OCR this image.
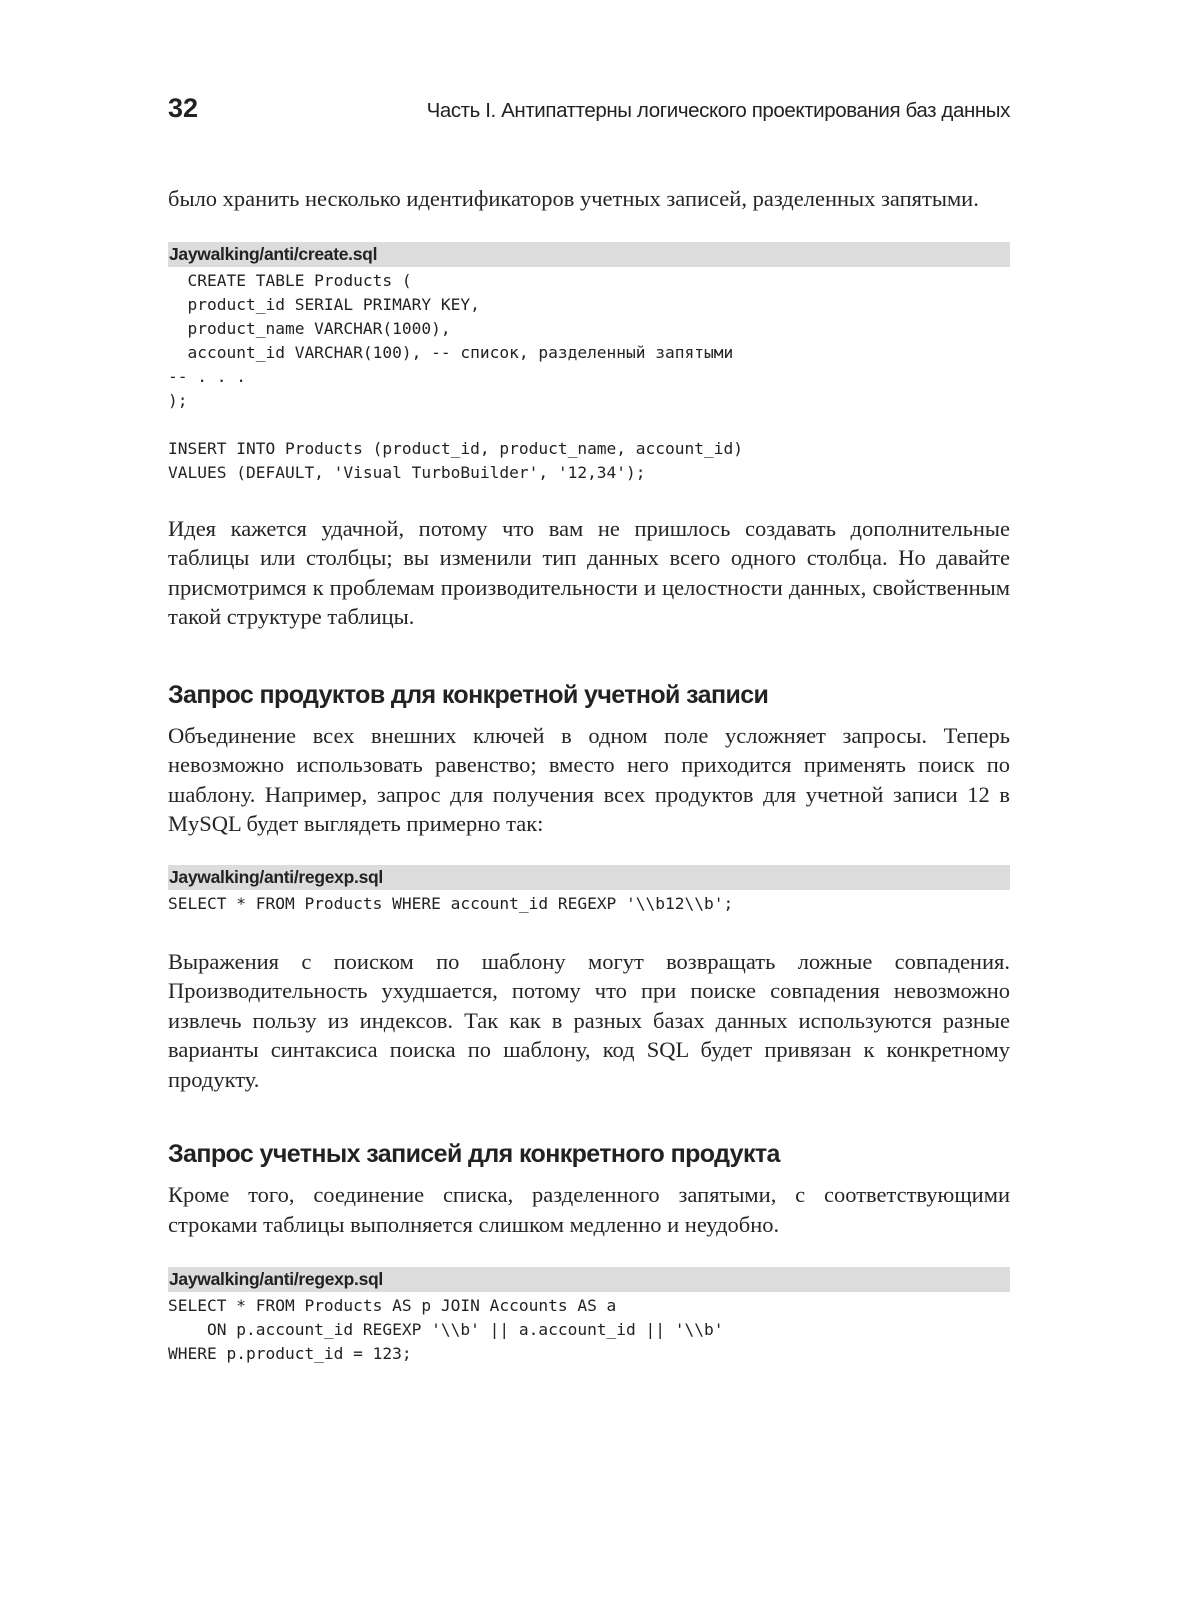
32	Часть I. Антипаттерны логического проектирования баз данных

было хранить несколько идентификаторов учетных записей, разделенных запятыми.

Jaywalking/anti/create.sql
CREATE TABLE Products (
product_id SERIAL PRIMARY KEY,
product_name VARCHAR(1000),
account_id VARCHAR(100), -- список, разделенный запятыми
-- . . .
);

INSERT INTO Products (product_id, product_name, account_id)
VALUES (DEFAULT, 'Visual TurboBuilder', '12,34');

Идея кажется удачной, потому что вам не пришлось создавать дополнительные таблицы или столбцы; вы изменили тип данных всего одного столбца. Но давайте присмотримся к проблемам производительности и целостности данных, свойственным такой структуре таблицы.

Запрос продуктов для конкретной учетной записи

Объединение всех внешних ключей в одном поле усложняет запросы. Теперь невозможно использовать равенство; вместо него приходится применять поиск по шаблону. Например, запрос для получения всех продуктов для учетной записи 12 в MySQL будет выглядеть примерно так:

Jaywalking/anti/regexp.sql
SELECT * FROM Products WHERE account_id REGEXP '\\b12\\b';

Выражения с поиском по шаблону могут возвращать ложные совпадения. Производительность ухудшается, потому что при поиске совпадения невозможно извлечь пользу из индексов. Так как в разных базах данных используются разные варианты синтаксиса поиска по шаблону, код SQL будет привязан к конкретному продукту.

Запрос учетных записей для конкретного продукта

Кроме того, соединение списка, разделенного запятыми, с соответствующими строками таблицы выполняется слишком медленно и неудобно.

Jaywalking/anti/regexp.sql
SELECT * FROM Products AS p JOIN Accounts AS a
ON p.account_id REGEXP '\\b' || a.account_id || '\\b'
WHERE p.product_id = 123;
